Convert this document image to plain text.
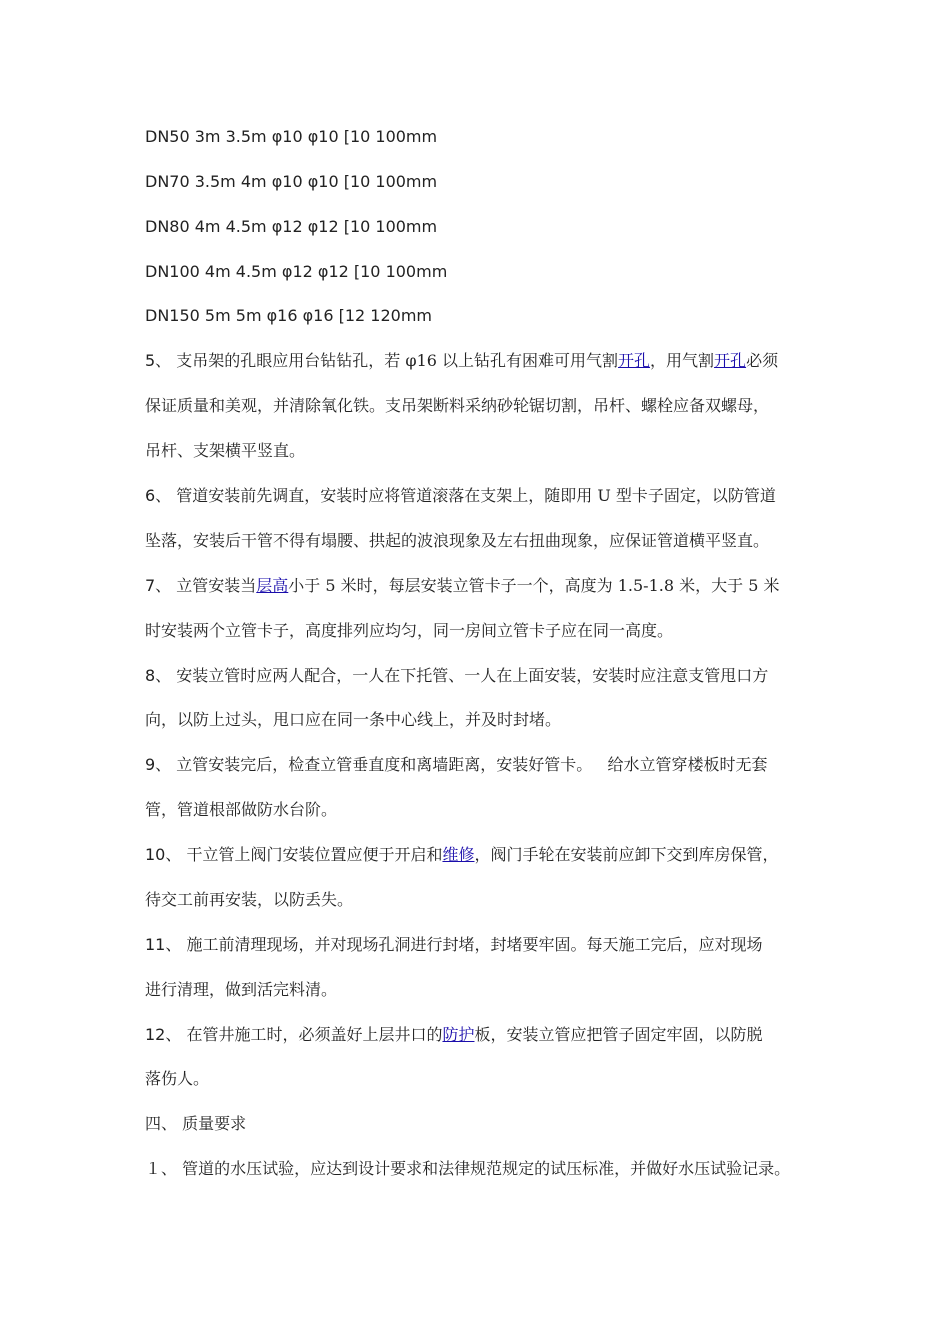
DN50 3m 3.5m φ10 φ10 [10 100mm
DN70 3.5m 4m φ10 φ10 [10 100mm
DN80 4m 4.5m φ12 φ12 [10 100mm
DN100 4m 4.5m φ12 φ12 [10 100mm
DN150 5m 5m φ16 φ16 [12 120mm
5、 支吊架的孔眼应用台钻钻孔，若 φ16 以上钻孔有困难可用气割开孔，用气割开孔必须
保证质量和美观，并清除氧化铁。支吊架断料采纳砂轮锯切割，吊杆、螺栓应备双螺母，
吊杆、支架横平竖直。
6、 管道安装前先调直，安装时应将管道滚落在支架上，随即用 U 型卡子固定，以防管道
坠落，安装后干管不得有塌腰、拱起的波浪现象及左右扭曲现象，应保证管道横平竖直。
7、 立管安装当层高小于 5 米时，每层安装立管卡子一个，高度为 1.5-1.8 米，大于 5 米
时安装两个立管卡子，高度排列应均匀，同一房间立管卡子应在同一高度。
8、 安装立管时应两人配合，一人在下托管、一人在上面安装，安装时应注意支管甩口方
向，以防上过头，甩口应在同一条中心线上，并及时封堵。
9、 立管安装完后，检查立管垂直度和离墙距离，安装好管卡。   给水立管穿楼板时无套
管，管道根部做防水台阶。
10、 干立管上阀门安装位置应便于开启和维修，阀门手轮在安装前应卸下交到库房保管，
待交工前再安装，以防丢失。
11、 施工前清理现场，并对现场孔洞进行封堵，封堵要牢固。每天施工完后，应对现场
进行清理，做到活完料清。
12、 在管井施工时，必须盖好上层井口的防护板，安装立管应把管子固定牢固，以防脱
落伤人。
四、 质量要求
１、 管道的水压试验，应达到设计要求和法律规范规定的试压标准，并做好水压试验记录。
